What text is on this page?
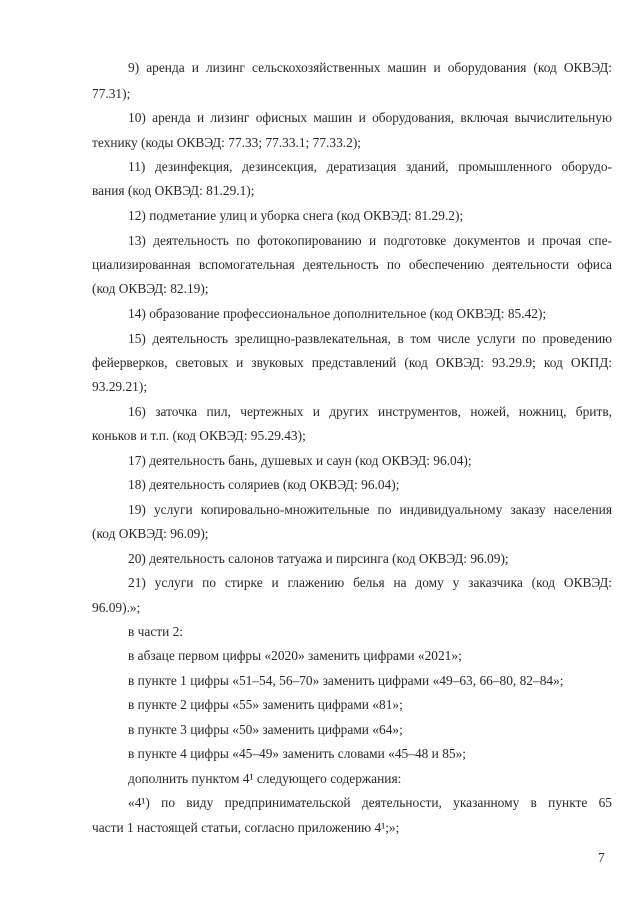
9) аренда и лизинг сельскохозяйственных машин и оборудования (код ОКВЭД:
77.31);
10) аренда и лизинг офисных машин и оборудования, включая вычислительную
технику (коды ОКВЭД: 77.33; 77.33.1; 77.33.2);
11) дезинфекция, дезинсекция, дератизация зданий, промышленного оборудо-
вания (код ОКВЭД: 81.29.1);
12) подметание улиц и уборка снега (код ОКВЭД: 81.29.2);
13) деятельность по фотокопированию и подготовке документов и прочая спе-
циализированная вспомогательная деятельность по обеспечению деятельности офиса
(код ОКВЭД: 82.19);
14) образование профессиональное дополнительное (код ОКВЭД: 85.42);
15) деятельность зрелищно-развлекательная, в том числе услуги по проведению
фейерверков, световых и звуковых представлений (код ОКВЭД: 93.29.9; код ОКПД:
93.29.21);
16) заточка пил, чертежных и других инструментов, ножей, ножниц, бритв,
коньков и т.п. (код ОКВЭД: 95.29.43);
17) деятельность бань, душевых и саун (код ОКВЭД: 96.04);
18) деятельность соляриев (код ОКВЭД: 96.04);
19) услуги копировально-множительные по индивидуальному заказу населения
(код ОКВЭД: 96.09);
20) деятельность салонов татуажа и пирсинга (код ОКВЭД: 96.09);
21) услуги по стирке и глажению белья на дому у заказчика (код ОКВЭД:
96.09).»;
в части 2:
в абзаце первом цифры «2020» заменить цифрами «2021»;
в пункте 1 цифры «51–54, 56–70» заменить цифрами «49–63, 66–80, 82–84»;
в пункте 2 цифры «55» заменить цифрами «81»;
в пункте 3 цифры «50» заменить цифрами «64»;
в пункте 4 цифры «45–49» заменить словами «45–48 и 85»;
дополнить пунктом 4¹ следующего содержания:
«4¹) по виду предпринимательской деятельности, указанному в пункте 65
части 1 настоящей статьи, согласно приложению 4¹;»;
7
